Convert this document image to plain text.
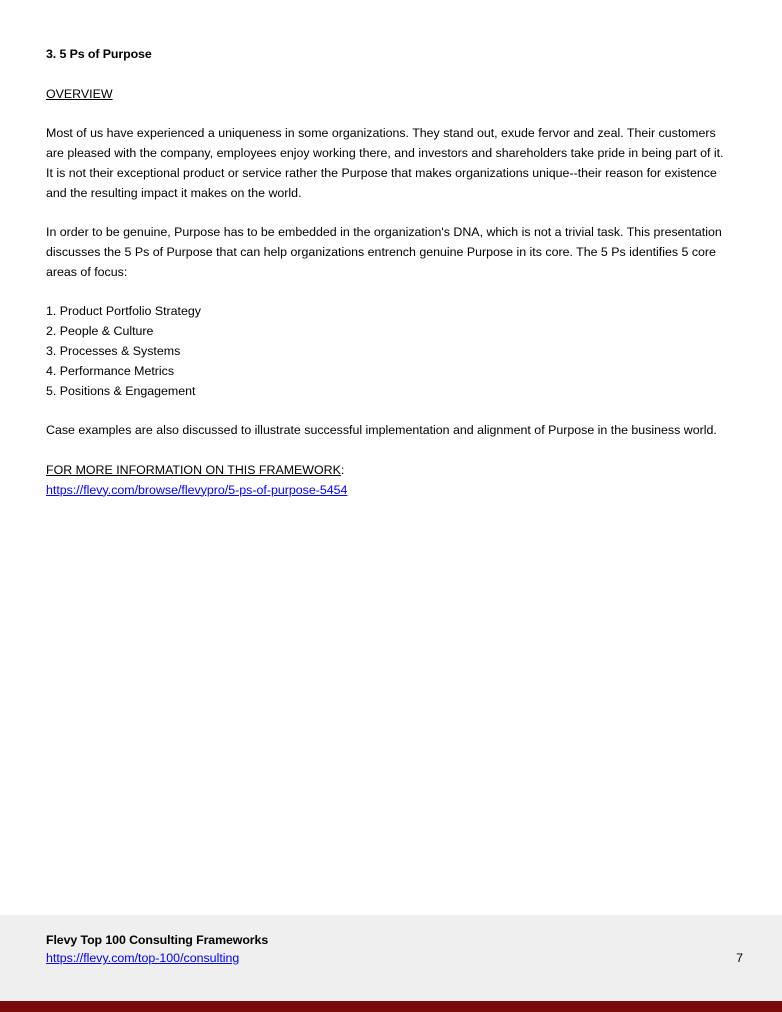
3. 5 Ps of Purpose
OVERVIEW

Most of us have experienced a uniqueness in some organizations. They stand out, exude fervor and zeal. Their customers are pleased with the company, employees enjoy working there, and investors and shareholders take pride in being part of it.

It is not their exceptional product or service rather the Purpose that makes organizations unique--their reason for existence and the resulting impact it makes on the world.

In order to be genuine, Purpose has to be embedded in the organization's DNA, which is not a trivial task. This presentation discusses the 5 Ps of Purpose that can help organizations entrench genuine Purpose in its core. The 5 Ps identifies 5 core areas of focus:

1. Product Portfolio Strategy
2. People & Culture
3. Processes & Systems
4. Performance Metrics
5. Positions & Engagement

Case examples are also discussed to illustrate successful implementation and alignment of Purpose in the business world.

FOR MORE INFORMATION ON THIS FRAMEWORK:
https://flevy.com/browse/flevypro/5-ps-of-purpose-5454
Flevy Top 100 Consulting Frameworks
https://flevy.com/top-100/consulting	7
